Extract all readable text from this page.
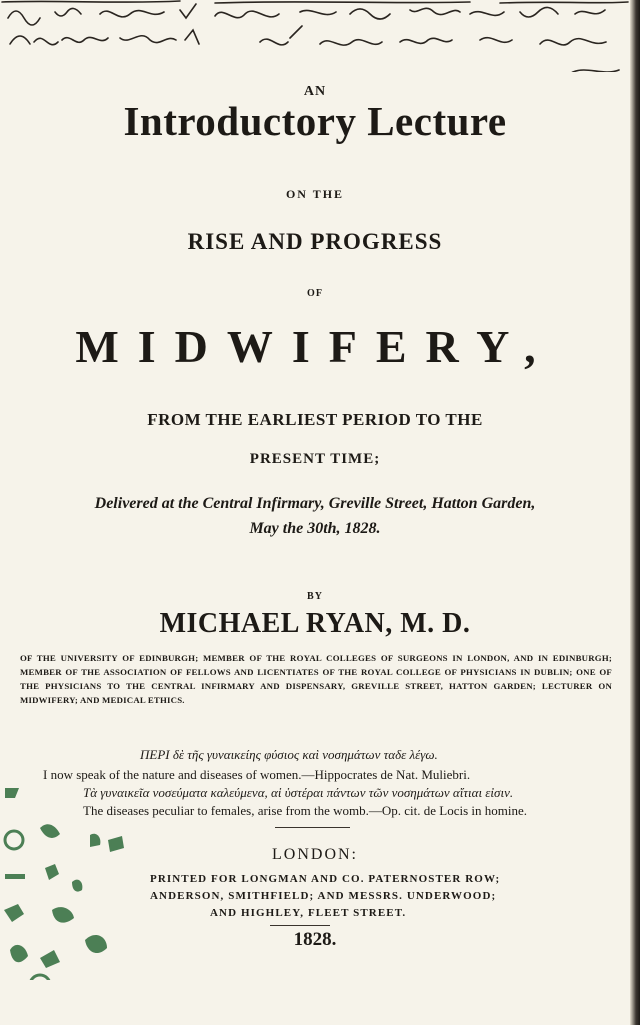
AN
Introductory Lecture
ON THE
RISE AND PROGRESS
OF
MIDWIFERY,
FROM THE EARLIEST PERIOD TO THE
PRESENT TIME;
Delivered at the Central Infirmary, Greville Street, Hatton Garden,
May the 30th, 1828.
BY
MICHAEL RYAN, M. D.
OF THE UNIVERSITY OF EDINBURGH; MEMBER OF THE ROYAL COLLEGES OF SURGEONS IN LONDON, AND IN EDINBURGH; MEMBER OF THE ASSOCIATION OF FELLOWS AND LICENTIATES OF THE ROYAL COLLEGE OF PHYSICIANS IN DUBLIN; ONE OF THE PHYSICIANS TO THE CENTRAL INFIRMARY AND DISPENSARY, GREVILLE STREET, HATTON GARDEN; LECTURER ON MIDWIFERY; AND MEDICAL ETHICS.
ΠΕΡΙ δὲ τῆς γυναικείης φύσιος καὶ νοσημάτων ταδε λέγω.
I now speak of the nature and diseases of women.—Hippocrates de Nat. Muliebri.
Τὰ γυναικεῖα νοσεύματα καλεύμενα, αἱ ὑστέραι πάντων τῶν νοσημάτων αἴτιαι εἰσιν.
The diseases peculiar to females, arise from the womb.—Op. cit. de Locis in homine.
LONDON:
PRINTED FOR LONGMAN AND CO. PATERNOSTER ROW;
ANDERSON, SMITHFIELD; AND MESSRS. UNDERWOOD;
AND HIGHLEY, FLEET STREET.
1828.
